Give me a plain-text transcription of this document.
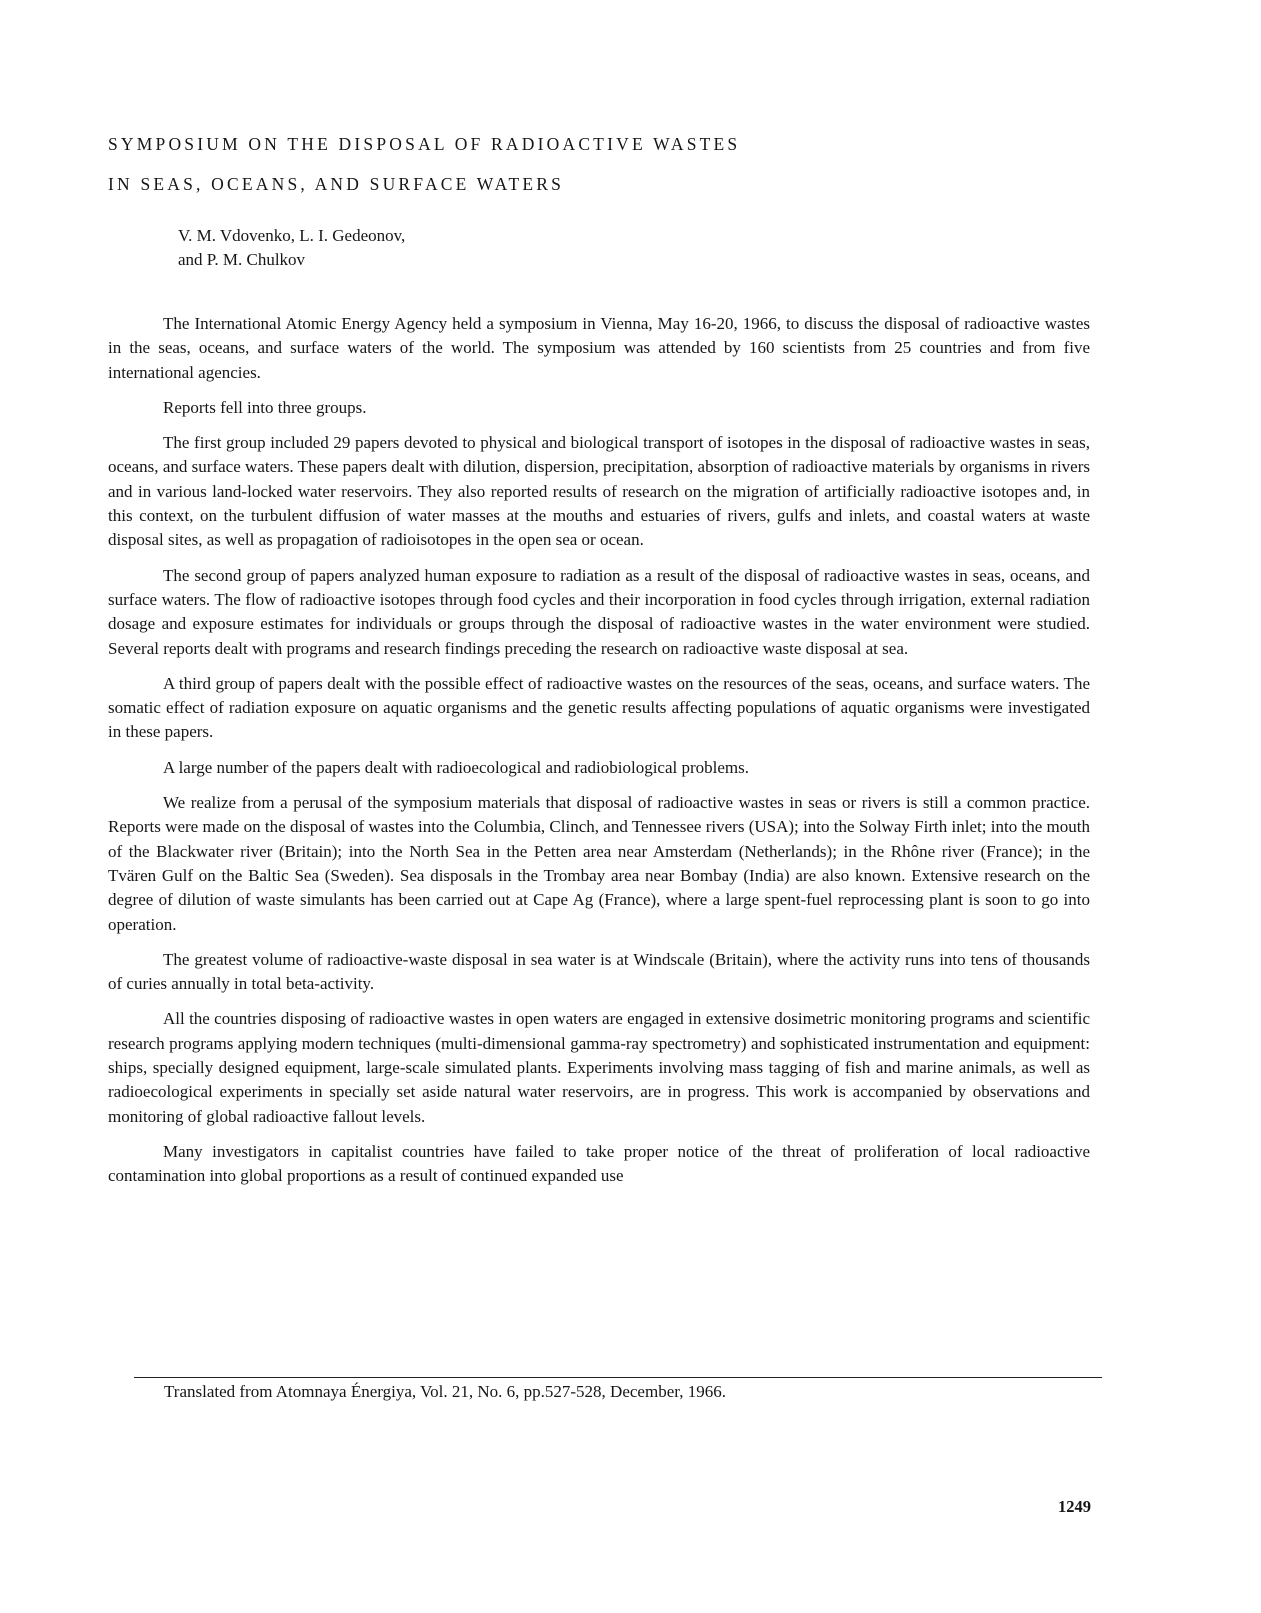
SYMPOSIUM ON THE DISPOSAL OF RADIOACTIVE WASTES
IN SEAS, OCEANS, AND SURFACE WATERS
V. M. Vdovenko, L. I. Gedeonov,
and P. M. Chulkov

The International Atomic Energy Agency held a symposium in Vienna, May 16-20, 1966, to discuss the disposal of radioactive wastes in the seas, oceans, and surface waters of the world. The symposium was attended by 160 scientists from 25 countries and from five international agencies.

Reports fell into three groups.

The first group included 29 papers devoted to physical and biological transport of isotopes in the disposal of radioactive wastes in seas, oceans, and surface waters. These papers dealt with dilution, dispersion, precipitation, absorption of radioactive materials by organisms in rivers and in various land-locked water reservoirs. They also reported results of research on the migration of artificially radioactive isotopes and, in this context, on the turbulent diffusion of water masses at the mouths and estuaries of rivers, gulfs and inlets, and coastal waters at waste disposal sites, as well as propagation of radioisotopes in the open sea or ocean.

The second group of papers analyzed human exposure to radiation as a result of the disposal of radioactive wastes in seas, oceans, and surface waters. The flow of radioactive isotopes through food cycles and their incorporation in food cycles through irrigation, external radiation dosage and exposure estimates for individuals or groups through the disposal of radioactive wastes in the water environment were studied. Several reports dealt with programs and research findings preceding the research on radioactive waste disposal at sea.

A third group of papers dealt with the possible effect of radioactive wastes on the resources of the seas, oceans, and surface waters. The somatic effect of radiation exposure on aquatic organisms and the genetic results affecting populations of aquatic organisms were investigated in these papers.

A large number of the papers dealt with radioecological and radiobiological problems.

We realize from a perusal of the symposium materials that disposal of radioactive wastes in seas or rivers is still a common practice. Reports were made on the disposal of wastes into the Columbia, Clinch, and Tennessee rivers (USA); into the Solway Firth inlet; into the mouth of the Blackwater river (Britain); into the North Sea in the Petten area near Amsterdam (Netherlands); in the Rhône river (France); in the Tvären Gulf on the Baltic Sea (Sweden). Sea disposals in the Trombay area near Bombay (India) are also known. Extensive research on the degree of dilution of waste simulants has been carried out at Cape Ag (France), where a large spent-fuel reprocessing plant is soon to go into operation.

The greatest volume of radioactive-waste disposal in sea water is at Windscale (Britain), where the activity runs into tens of thousands of curies annually in total beta-activity.

All the countries disposing of radioactive wastes in open waters are engaged in extensive dosimetric monitoring programs and scientific research programs applying modern techniques (multi-dimensional gamma-ray spectrometry) and sophisticated instrumentation and equipment: ships, specially designed equipment, large-scale simulated plants. Experiments involving mass tagging of fish and marine animals, as well as radioecological experiments in specially set aside natural water reservoirs, are in progress. This work is accompanied by observations and monitoring of global radioactive fallout levels.

Many investigators in capitalist countries have failed to take proper notice of the threat of proliferation of local radioactive contamination into global proportions as a result of continued expanded use

Translated from Atomnaya Énergiya, Vol. 21, No. 6, pp.527-528, December, 1966.
1249
